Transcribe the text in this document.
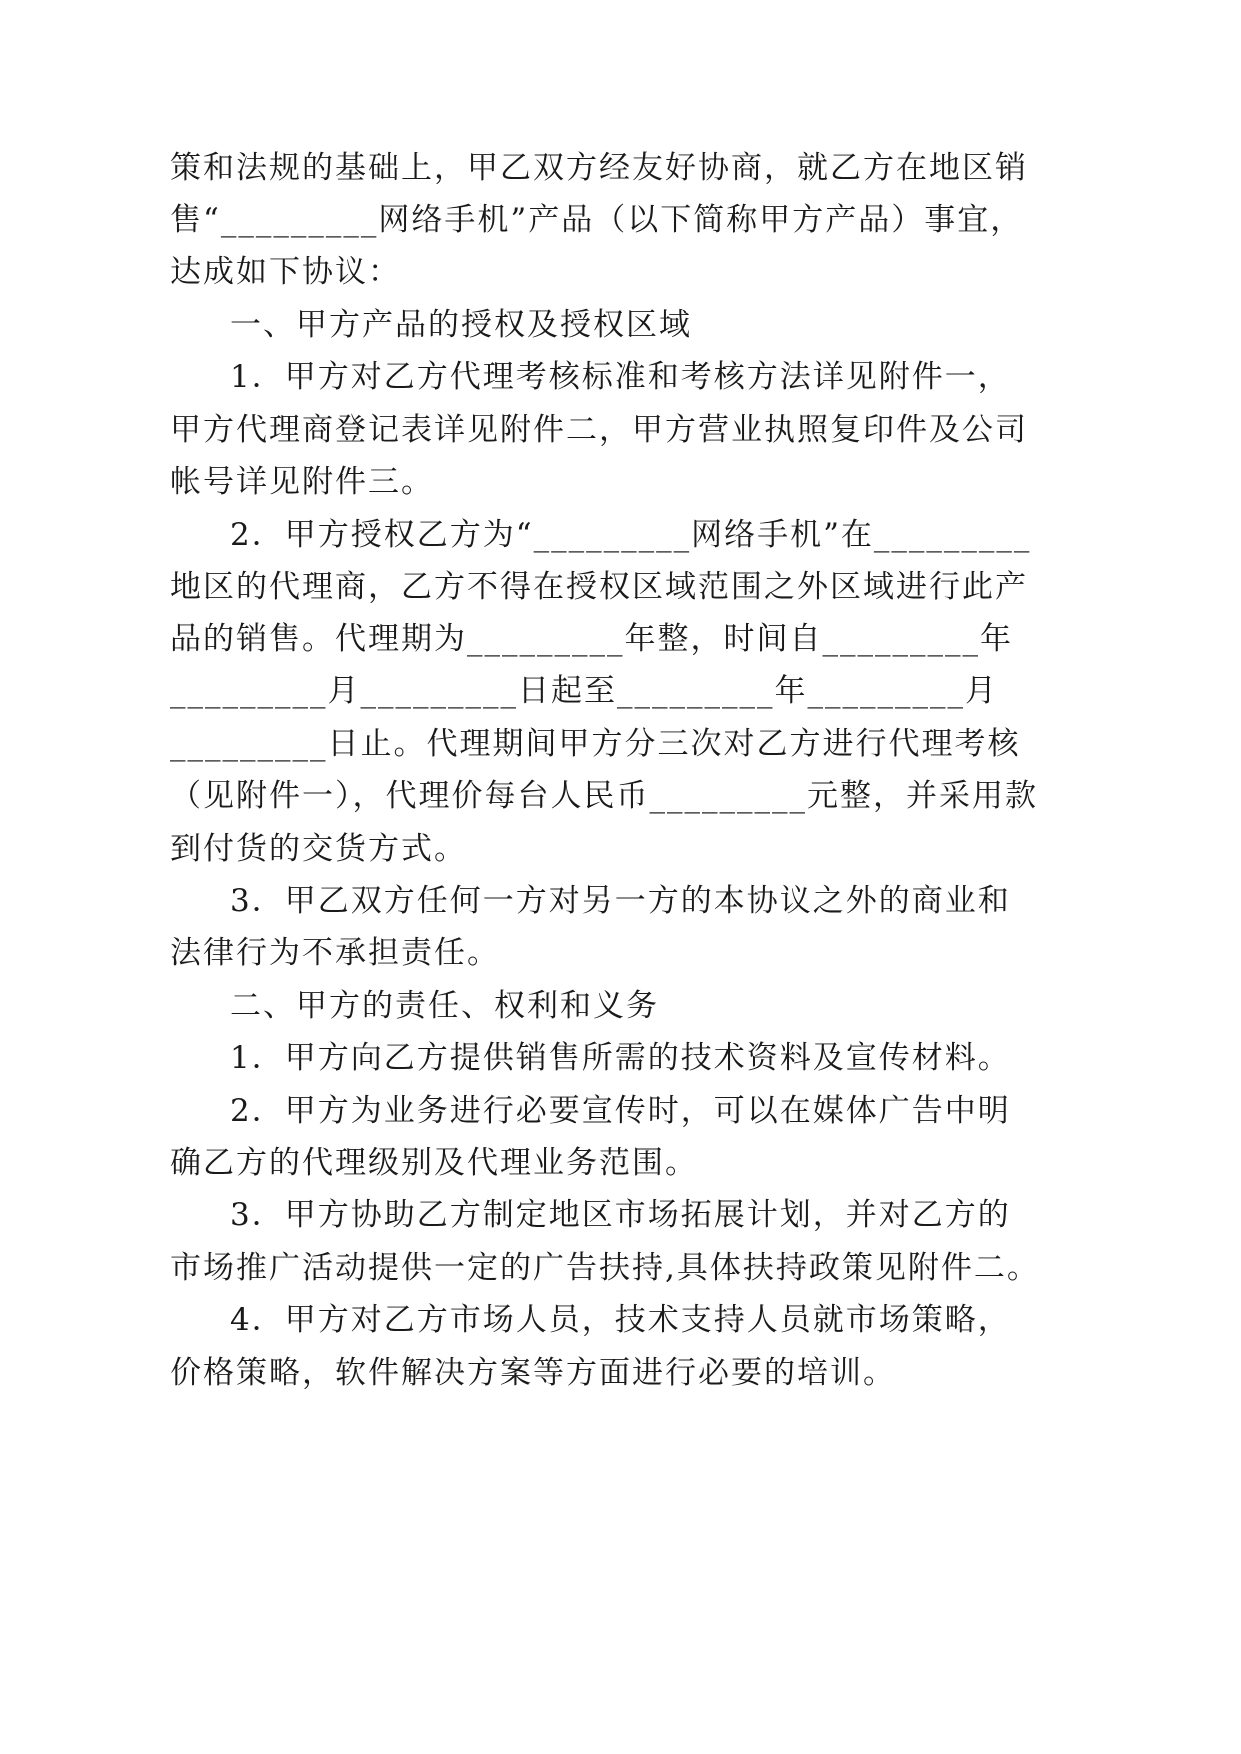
策和法规的基础上，甲乙双方经友好协商，就乙方在地区销
售“_________网络手机”产品（以下简称甲方产品）事宜，
达成如下协议：
一、甲方产品的授权及授权区域
1．甲方对乙方代理考核标准和考核方法详见附件一，
甲方代理商登记表详见附件二，甲方营业执照复印件及公司
帐号详见附件三。
2．甲方授权乙方为“_________网络手机”在_________
地区的代理商，乙方不得在授权区域范围之外区域进行此产
品的销售。代理期为_________年整，时间自_________年
_________月_________日起至_________年_________月
_________日止。代理期间甲方分三次对乙方进行代理考核
（见附件一），代理价每台人民币_________元整，并采用款
到付货的交货方式。
3．甲乙双方任何一方对另一方的本协议之外的商业和
法律行为不承担责任。
二、甲方的责任、权利和义务
1．甲方向乙方提供销售所需的技术资料及宣传材料。
2．甲方为业务进行必要宣传时，可以在媒体广告中明
确乙方的代理级别及代理业务范围。
3．甲方协助乙方制定地区市场拓展计划，并对乙方的
市场推广活动提供一定的广告扶持,具体扶持政策见附件二。
4．甲方对乙方市场人员，技术支持人员就市场策略，
价格策略，软件解决方案等方面进行必要的培训。
